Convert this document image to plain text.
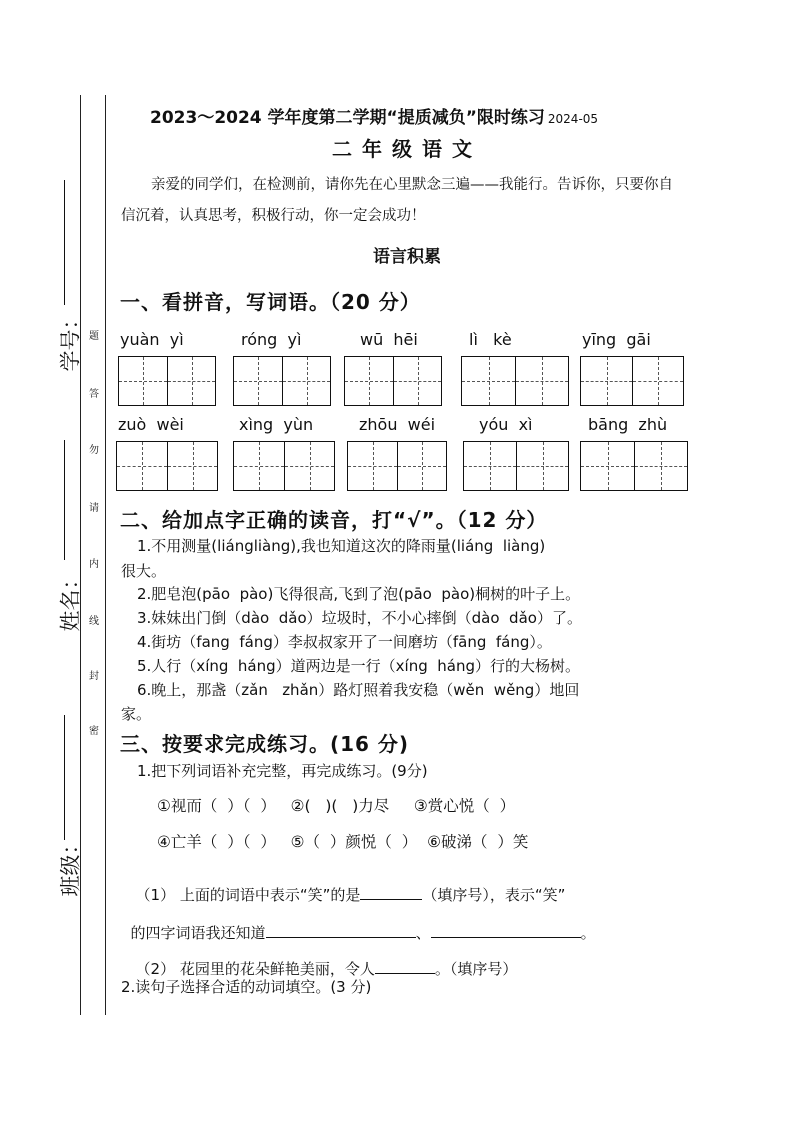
学号：
姓名：
班级：
题
答
勿
请
内
线
封
密
2023～2024 学年度第二学期“提质减负”限时练习 2024-05
二年级语文
亲爱的同学们，在检测前，请你先在心里默念三遍——我能行。告诉你，只要你自信沉着，认真思考，积极行动，你一定会成功！
语言积累
一、看拼音，写词语。（20 分）
yuàn  yì	róng  yì	wū  hēi	lì   kè	yīng  gāi
zuò  wèi	xìng  yùn	zhōu  wéi	yóu  xì	bāng  zhù
二、给加点字正确的读音，打“√”。（12 分）
1.不用测量(liángliàng),我也知道这次的降雨量(liáng  liàng)
很大。
2.肥皂泡(pāo  pào)飞得很高,飞到了泡(pāo  pào)桐树的叶子上。
3.妹妹出门倒（dào  dǎo）垃圾时，不小心摔倒（dào  dǎo）了。
4.街坊（fang  fáng）李叔叔家开了一间磨坊（fāng  fáng）。
5.人行（xíng  háng）道两边是一行（xíng  háng）行的大杨树。
6.晚上，那盏（zǎn   zhǎn）路灯照着我安稳（wěn  wěng）地回
家。
三、按要求完成练习。(16 分)
1.把下列词语补充完整，再完成练习。(9分)
①视而（  ）（  ）   ②(   )(   )力尽     ③赏心悦（  ）
④亡羊（  ）（  ）   ⑤（  ）颜悦（  ）  ⑥破涕（  ）笑

（1） 上面的词语中表示“笑”的是	（填序号），表示“笑”

的四字词语我还知道	、	。

（2） 花园里的花朵鲜艳美丽，令人	。（填序号）

2.读句子选择合适的动词填空。(3 分)
